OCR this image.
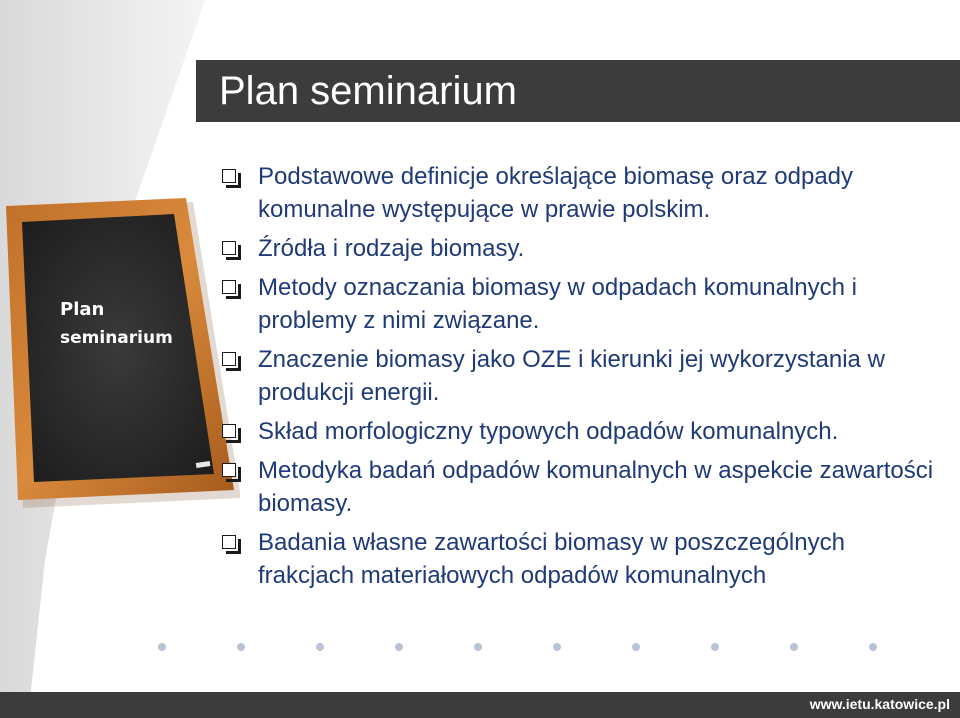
Plan seminarium
Plan
seminarium
Podstawowe definicje określające biomasę oraz odpady komunalne występujące w prawie polskim.
Źródła i rodzaje biomasy.
Metody oznaczania biomasy w odpadach komunalnych i problemy z nimi związane.
Znaczenie biomasy jako OZE i kierunki jej wykorzystania w produkcji energii.
Skład morfologiczny typowych odpadów komunalnych.
Metodyka badań odpadów komunalnych w aspekcie zawartości biomasy.
Badania własne zawartości biomasy w poszczególnych frakcjach materiałowych odpadów komunalnych
www.ietu.katowice.pl
